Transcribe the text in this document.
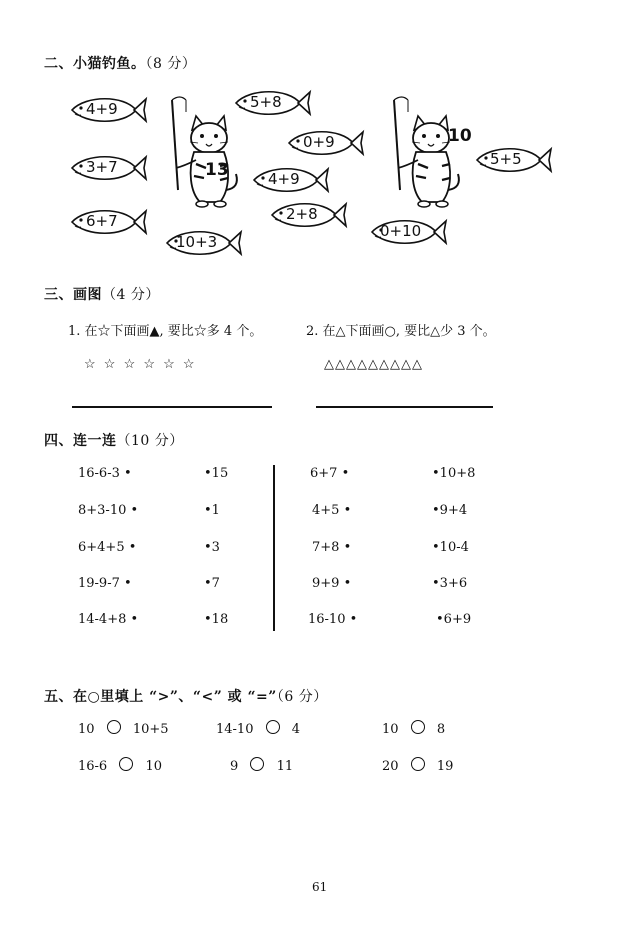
二、小猫钓鱼。（8 分）
4+9
3+7
6+7
10+3
5+8
0+9
4+9
2+8
0+10
5+5
13
10
三、画图（4 分）
1. 在☆下面画▲, 要比☆多 4 个。
☆ ☆ ☆ ☆ ☆ ☆
2. 在△下面画○, 要比△少 3 个。
△△△△△△△△△
四、连一连（10 分）
16-6-3 •
8+3-10 •
6+4+5 •
19-9-7 •
14-4+8 •
•15
•1
•3
•7
•18
6+7 •
4+5 •
7+8 •
9+9 •
16-10 •
•10+8
•9+4
•10-4
•3+6
•6+9
五、在○里填上 “>”、“<” 或 “=”（6 分）
10	10+5	14-10	4	10	8
16-6	10	9	11	20	19
61
